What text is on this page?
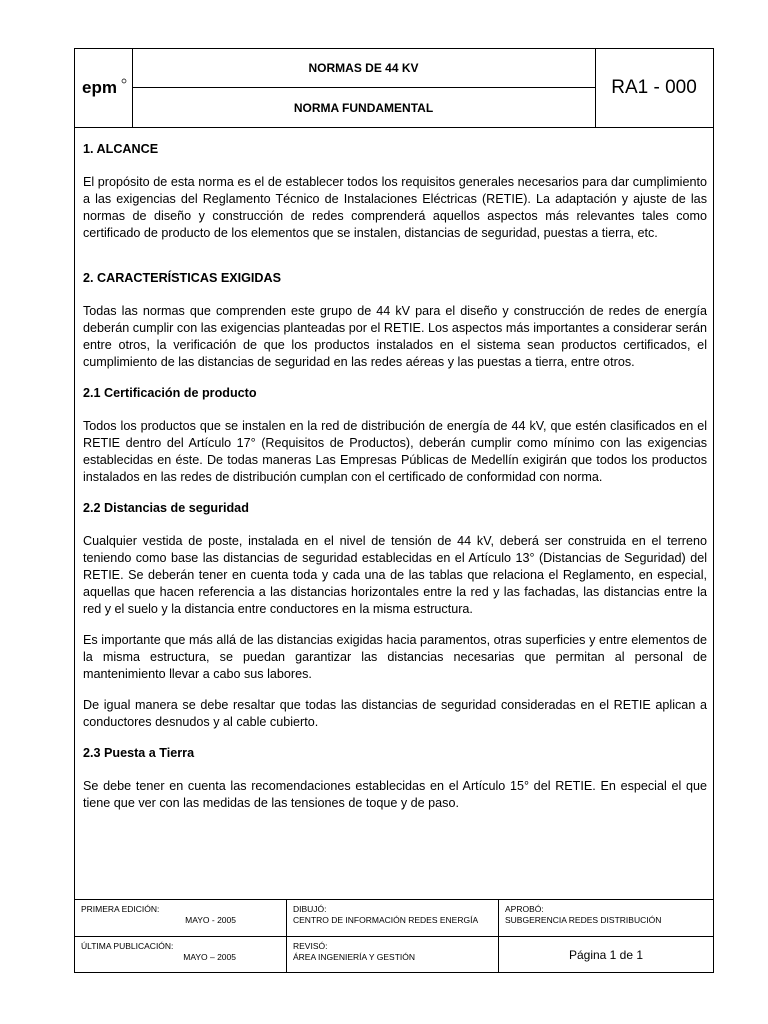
epm
NORMAS DE 44 KV
NORMA FUNDAMENTAL
RA1 - 000
1. ALCANCE

El propósito de esta norma es el de establecer todos los requisitos generales necesarios para dar cumplimiento a las exigencias del Reglamento Técnico de Instalaciones Eléctricas (RETIE). La adaptación y ajuste de las normas de diseño y construcción de redes comprenderá aquellos aspectos más relevantes tales como certificado de producto de los elementos que se instalen, distancias de seguridad, puestas a tierra, etc.

2. CARACTERÍSTICAS EXIGIDAS

Todas las normas que comprenden este grupo de 44 kV para el diseño y construcción de redes de energía deberán cumplir con las exigencias planteadas por el RETIE. Los aspectos más importantes a considerar serán entre otros, la verificación de que los productos instalados en el sistema sean productos certificados, el cumplimiento de las distancias de seguridad en las redes aéreas y las puestas a tierra, entre otros.

2.1 Certificación de producto

Todos los productos que se instalen en la red de distribución de energía de 44 kV, que estén clasificados en el RETIE dentro del Artículo 17° (Requisitos de Productos), deberán cumplir como mínimo con las exigencias establecidas en éste. De todas maneras Las Empresas Públicas de Medellín exigirán que todos los productos instalados en las redes de distribución cumplan con el certificado de conformidad con norma.

2.2 Distancias de seguridad

Cualquier vestida de poste, instalada en el nivel de tensión de 44 kV, deberá ser construida en el terreno teniendo como base las distancias de seguridad establecidas en el Artículo 13° (Distancias de Seguridad) del RETIE. Se deberán tener en cuenta toda y cada una de las tablas que relaciona el Reglamento, en especial, aquellas que hacen referencia a las distancias horizontales entre la red y las fachadas, las distancias entre la red y el suelo y la distancia entre conductores en la misma estructura.

Es importante que más allá de las distancias exigidas hacia paramentos, otras superficies y entre elementos de la misma estructura, se puedan garantizar las distancias necesarias que permitan al personal de mantenimiento llevar a cabo sus labores.

De igual manera se debe resaltar que todas las distancias de seguridad consideradas en el RETIE aplican a conductores desnudos y al cable cubierto.

2.3 Puesta a Tierra

Se debe tener en cuenta las recomendaciones establecidas en el Artículo 15° del RETIE. En especial el que tiene que ver con las medidas de las tensiones de toque y de paso.

PRIMERA EDICIÓN:
MAYO - 2005
DIBUJÓ:
CENTRO DE INFORMACIÓN REDES ENERGÍA
APROBÓ:
SUBGERENCIA REDES DISTRIBUCIÓN
ÚLTIMA PUBLICACIÓN:
MAYO – 2005
REVISÓ:
ÁREA INGENIERÍA Y GESTIÓN	Página 1 de 1
